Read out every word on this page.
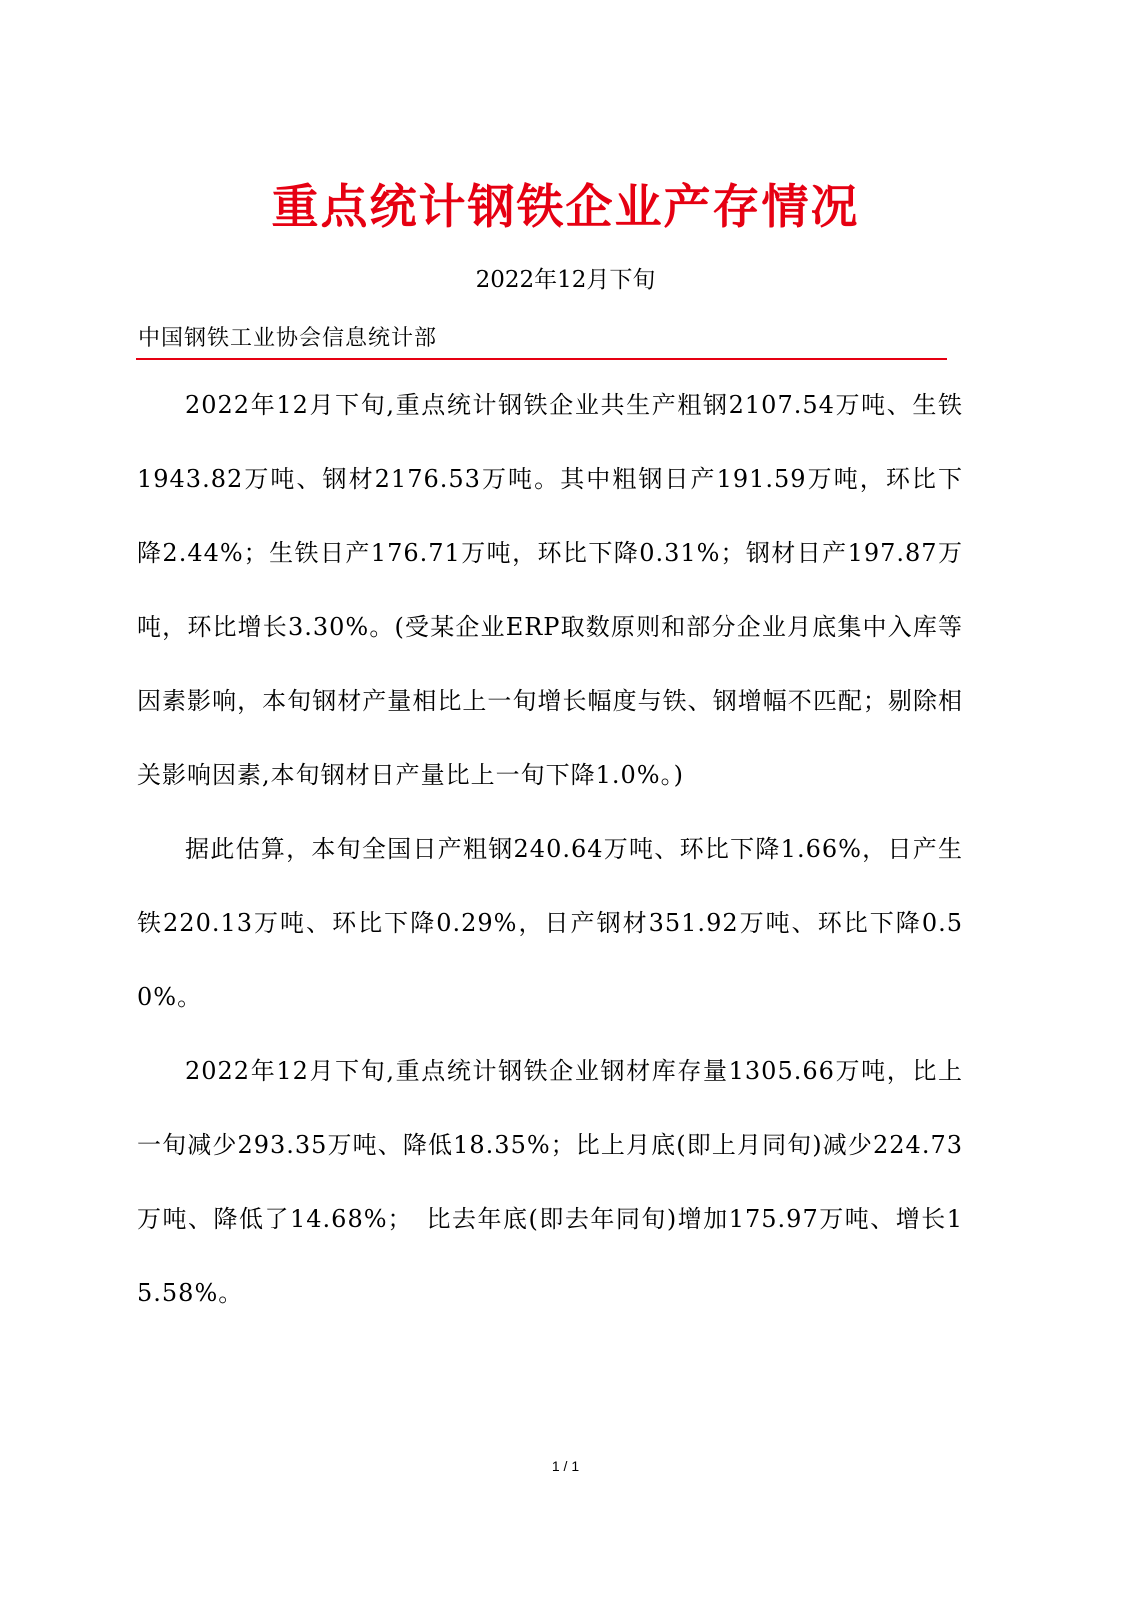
重点统计钢铁企业产存情况
2022年12月下旬
中国钢铁工业协会信息统计部

2022年12月下旬,重点统计钢铁企业共生产粗钢2107.54万吨、生铁1943.82万吨、钢材2176.53万吨。其中粗钢日产191.59万吨，环比下降2.44%；生铁日产176.71万吨，环比下降0.31%；钢材日产197.87万吨，环比增长3.30%。(受某企业ERP取数原则和部分企业月底集中入库等因素影响，本旬钢材产量相比上一旬增长幅度与铁、钢增幅不匹配；剔除相关影响因素,本旬钢材日产量比上一旬下降1.0%。)

据此估算，本旬全国日产粗钢240.64万吨、环比下降1.66%，日产生铁220.13万吨、环比下降0.29%，日产钢材351.92万吨、环比下降0.50%。

2022年12月下旬,重点统计钢铁企业钢材库存量1305.66万吨，比上一旬减少293.35万吨、降低18.35%；比上月底(即上月同旬)减少224.73万吨、降低了14.68%；　比去年底(即去年同旬)增加175.97万吨、增长15.58%。

1 / 1
